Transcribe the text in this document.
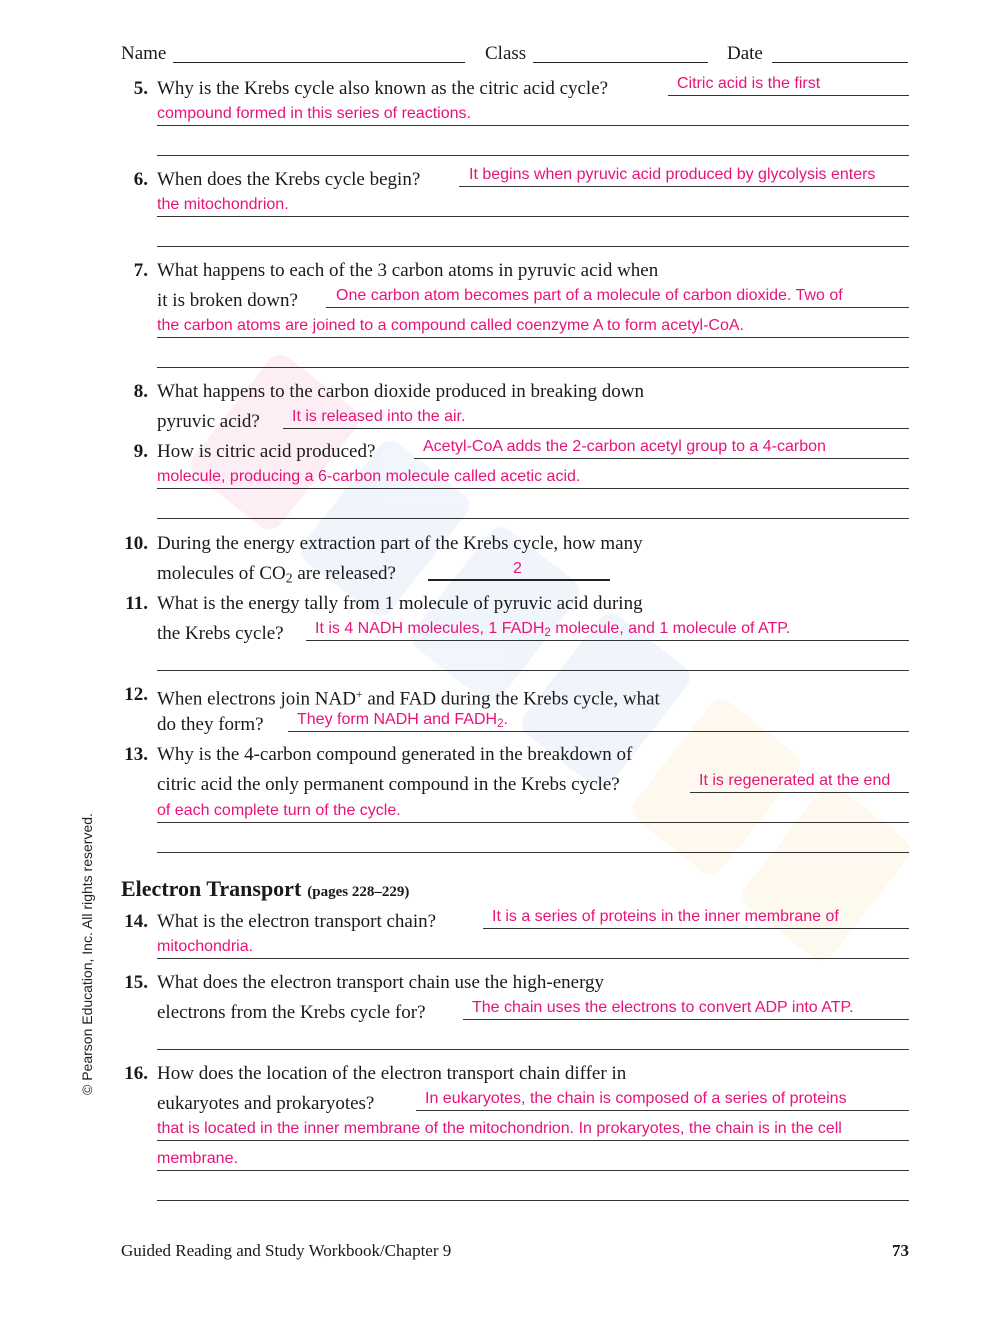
Name	Class	Date
5. Why is the Krebs cycle also known as the citric acid cycle?	Citric acid is the first
compound formed in this series of reactions.
6. When does the Krebs cycle begin?	It begins when pyruvic acid produced by glycolysis enters
the mitochondrion.
7. What happens to each of the 3 carbon atoms in pyruvic acid when
it is broken down? One carbon atom becomes part of a molecule of carbon dioxide. Two of
the carbon atoms are joined to a compound called coenzyme A to form acetyl-CoA.
8. What happens to the carbon dioxide produced in breaking down
pyruvic acid? It is released into the air.
9. How is citric acid produced?	Acetyl-CoA adds the 2-carbon acetyl group to a 4-carbon
molecule, producing a 6-carbon molecule called acetic acid.
10. During the energy extraction part of the Krebs cycle, how many
molecules of $CO_2$ are released?	2
11. What is the energy tally from 1 molecule of pyruvic acid during
the Krebs cycle? It is 4 NADH molecules, 1 $FADH_2$ molecule, and 1 molecule of ATP.
12. When electrons join NAD+ and FAD during the Krebs cycle, what
do they form? They form NADH and $FADH_2$.
13. Why is the 4-carbon compound generated in the breakdown of
citric acid the only permanent compound in the Krebs cycle?	It is regenerated at the end
of each complete turn of the cycle.
Electron Transport (pages 228–229)
14. What is the electron transport chain?	It is a series of proteins in the inner membrane of
mitochondria.
15. What does the electron transport chain use the high-energy
electrons from the Krebs cycle for?	The chain uses the electrons to convert ADP into ATP.
16. How does the location of the electron transport chain differ in
eukaryotes and prokaryotes?	In eukaryotes, the chain is composed of a series of proteins
that is located in the inner membrane of the mitochondrion. In prokaryotes, the chain is in the cell
membrane.
© Pearson Education, Inc. All rights reserved.
Guided Reading and Study Workbook/Chapter 9	73
